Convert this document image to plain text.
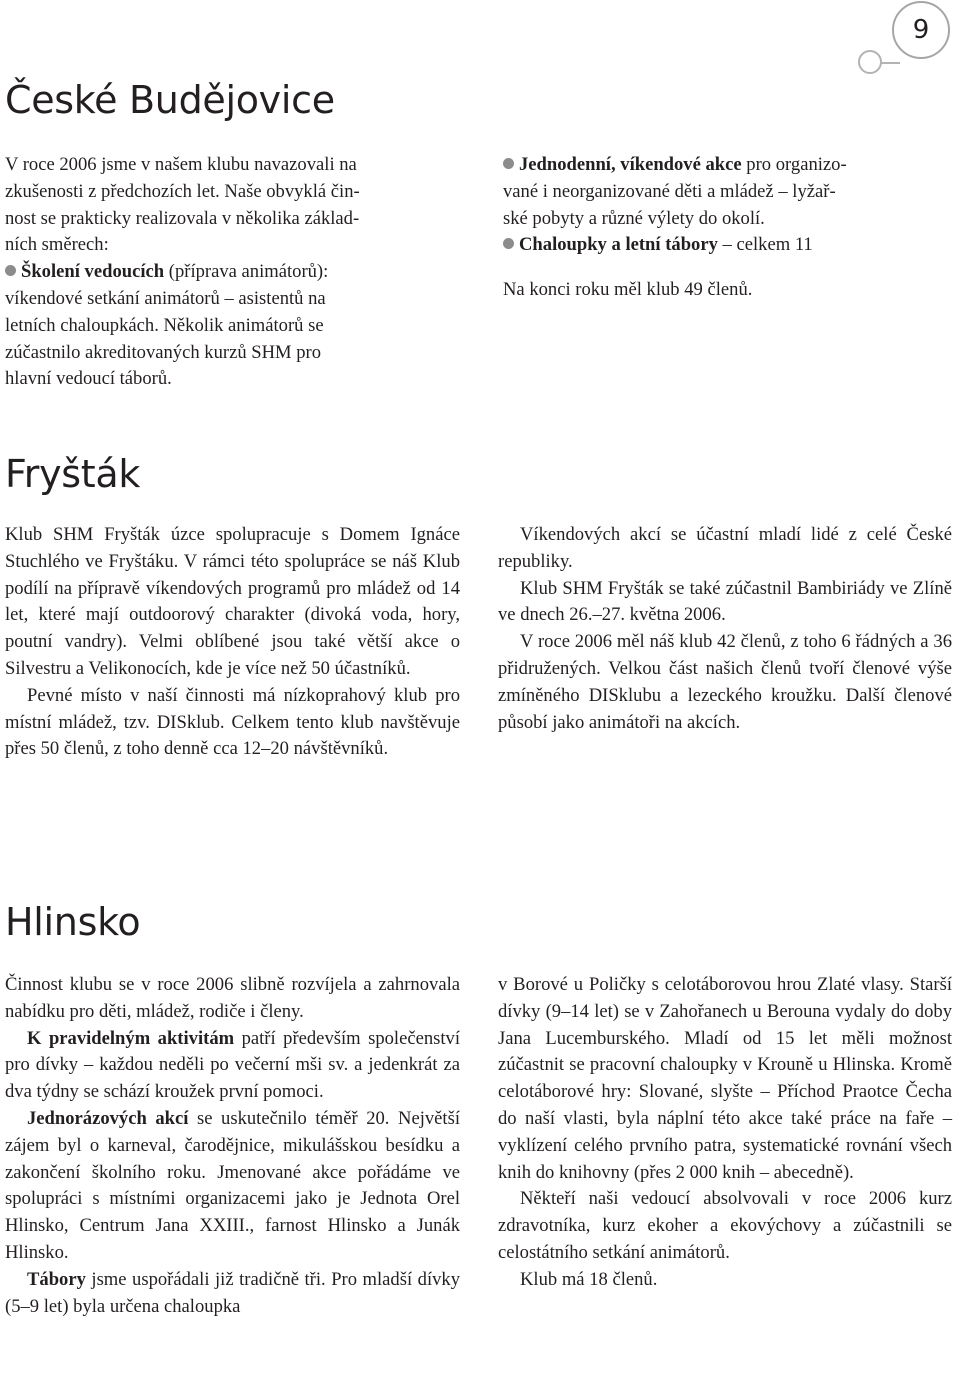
9
České Budějovice

V roce 2006 jsme v našem klubu navazovali na

zkušenosti z předchozích let. Naše obvyklá čin-

nost se prakticky realizovala v několika základ-

ních směrech:

Školení vedoucích (příprava animátorů):

víkendové setkání animátorů – asistentů na

letních chaloupkách. Několik animátorů se

zúčastnilo akreditovaných kurzů SHM pro

hlavní vedoucí táborů.

Jednodenní, víkendové akce pro organizo-

vané i neorganizované děti a mládež – lyžař-

ské pobyty a různé výlety do okolí.

Chaloupky a letní tábory – celkem 11

Na konci roku měl klub 49 členů.

Fryšták

Klub SHM Fryšták úzce spolupracuje s Domem Ignáce Stuchlého ve Fryštáku. V rámci této spolupráce se náš Klub podílí na přípravě víkendových programů pro mládež od 14 let, které mají outdoorový charakter (divoká voda, hory, poutní vandry). Velmi oblíbené jsou také větší akce o Silvestru a Velikonocích, kde je více než 50 účastníků.

Pevné místo v naší činnosti má nízkoprahový klub pro místní mládež, tzv. DISklub. Celkem tento klub navštěvuje přes 50 členů, z toho denně cca 12–20 návštěvníků.

Víkendových akcí se účastní mladí lidé z celé České republiky.

Klub SHM Fryšták se také zúčastnil Bambiriády ve Zlíně ve dnech 26.–27. května 2006.

V roce 2006 měl náš klub 42 členů, z toho 6 řádných a 36 přidružených. Velkou část našich členů tvoří členové výše zmíněného DISklubu a lezeckého kroužku. Další členové působí jako animátoři na akcích.

Hlinsko

Činnost klubu se v roce 2006 slibně rozvíjela a zahrnovala nabídku pro děti, mládež, rodiče i členy.

K pravidelným aktivitám patří především společenství pro dívky – každou neděli po večerní mši sv. a jedenkrát za dva týdny se schází kroužek první pomoci.

Jednorázových akcí se uskutečnilo téměř 20. Největší zájem byl o karneval, čarodějnice, mikulášskou besídku a zakončení školního roku. Jmenované akce pořádáme ve spolupráci s místními organizacemi jako je Jednota Orel Hlinsko, Centrum Jana XXIII., farnost Hlinsko a Junák Hlinsko.

Tábory jsme uspořádali již tradičně tři. Pro mladší dívky (5–9 let) byla určena chaloupka

v Borové u Poličky s celotáborovou hrou Zlaté vlasy. Starší dívky (9–14 let) se v Zahořanech u Berouna vydaly do doby Jana Lucemburského. Mladí od 15 let měli možnost zúčastnit se pracovní chaloupky v Krouně u Hlinska. Kromě celotáborové hry: Slované, slyšte – Příchod Praotce Čecha do naší vlasti, byla náplní této akce také práce na faře – vyklízení celého prvního patra, systematické rovnání všech knih do knihovny (přes 2 000 knih – abecedně).

Někteří naši vedoucí absolvovali v roce 2006 kurz zdravotníka, kurz ekoher a ekovýchovy a zúčastnili se celostátního setkání animátorů.

Klub má 18 členů.
